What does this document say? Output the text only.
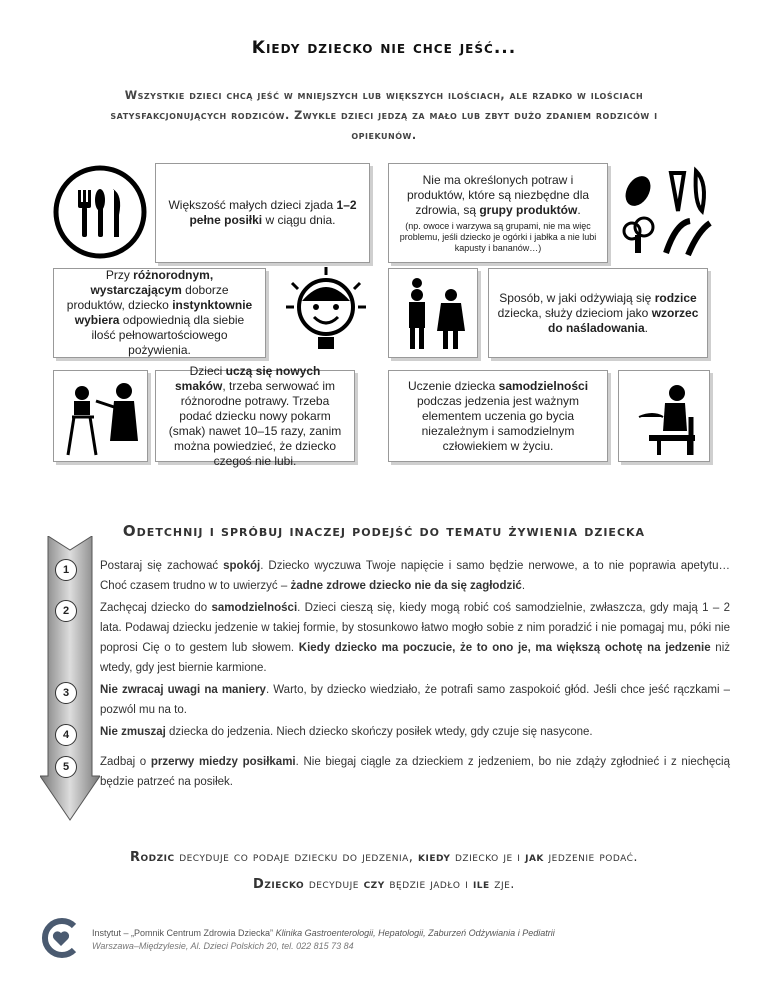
Kiedy dziecko nie chce jeść...
Wszystkie dzieci chcą jeść w mniejszych lub większych ilościach, ale rzadko w ilościach satysfakcjonujących rodziców. Zwykle dzieci jedzą za mało lub zbyt dużo zdaniem rodziców i opiekunów.
Większość małych dzieci zjada 1–2 pełne posiłki w ciągu dnia.
Nie ma określonych potraw i produktów, które są niezbędne dla zdrowia, są grupy produktów.
(np. owoce i warzywa są grupami, nie ma więc problemu, jeśli dziecko je ogórki i jabłka a nie lubi kapusty i bananów…)
Przy różnorodnym, wystarczającym doborze produktów, dziecko instynktownie wybiera odpowiednią dla siebie ilość pełnowartościowego pożywienia.
Sposób, w jaki odżywiają się rodzice dziecka, służy dzieciom jako wzorzec do naśladowania.
Dzieci uczą się nowych smaków, trzeba serwować im różnorodne potrawy. Trzeba podać dziecku nowy pokarm (smak) nawet 10–15 razy, zanim można powiedzieć, że dziecko czegoś nie lubi.
Uczenie dziecka samodzielności podczas jedzenia jest ważnym elementem uczenia go bycia niezależnym i samodzielnym człowiekiem w życiu.
Odetchnij i spróbuj inaczej podejść do tematu żywienia dziecka
1	Postaraj się zachować spokój. Dziecko wyczuwa Twoje napięcie i samo będzie nerwowe, a to nie poprawia apetytu… Choć czasem trudno w to uwierzyć – żadne zdrowe dziecko nie da się zagłodzić.
2	Zachęcaj dziecko do samodzielności. Dzieci cieszą się, kiedy mogą robić coś samodzielnie, zwłaszcza, gdy mają 1 – 2 lata. Podawaj dziecku jedzenie w takiej formie, by stosunkowo łatwo mogło sobie z nim poradzić i nie pomagaj mu, póki nie poprosi Cię o to gestem lub słowem. Kiedy dziecko ma poczucie, że to ono je, ma większą ochotę na jedzenie niż wtedy, gdy jest biernie karmione.
3	Nie zwracaj uwagi na maniery. Warto, by dziecko wiedziało, że potrafi samo zaspokoić głód. Jeśli chce jeść rączkami – pozwól mu na to.
4	Nie zmuszaj dziecka do jedzenia. Niech dziecko skończy posiłek wtedy, gdy czuje się nasycone.
5	Zadbaj o przerwy miedzy posiłkami. Nie biegaj ciągle za dzieckiem z jedzeniem, bo nie zdąży zgłodnieć i z niechęcią będzie patrzeć na posiłek.
Rodzic decyduje co podaje dziecku do jedzenia, kiedy dziecko je i jak jedzenie podać.
Dziecko decyduje czy będzie jadło i ile zje.
Instytut – „Pomnik Centrum Zdrowia Dziecka” Klinika Gastroenterologii, Hepatologii, Zaburzeń Odżywiania i Pediatrii
Warszawa–Międzylesie, Al. Dzieci Polskich 20, tel. 022 815 73 84
